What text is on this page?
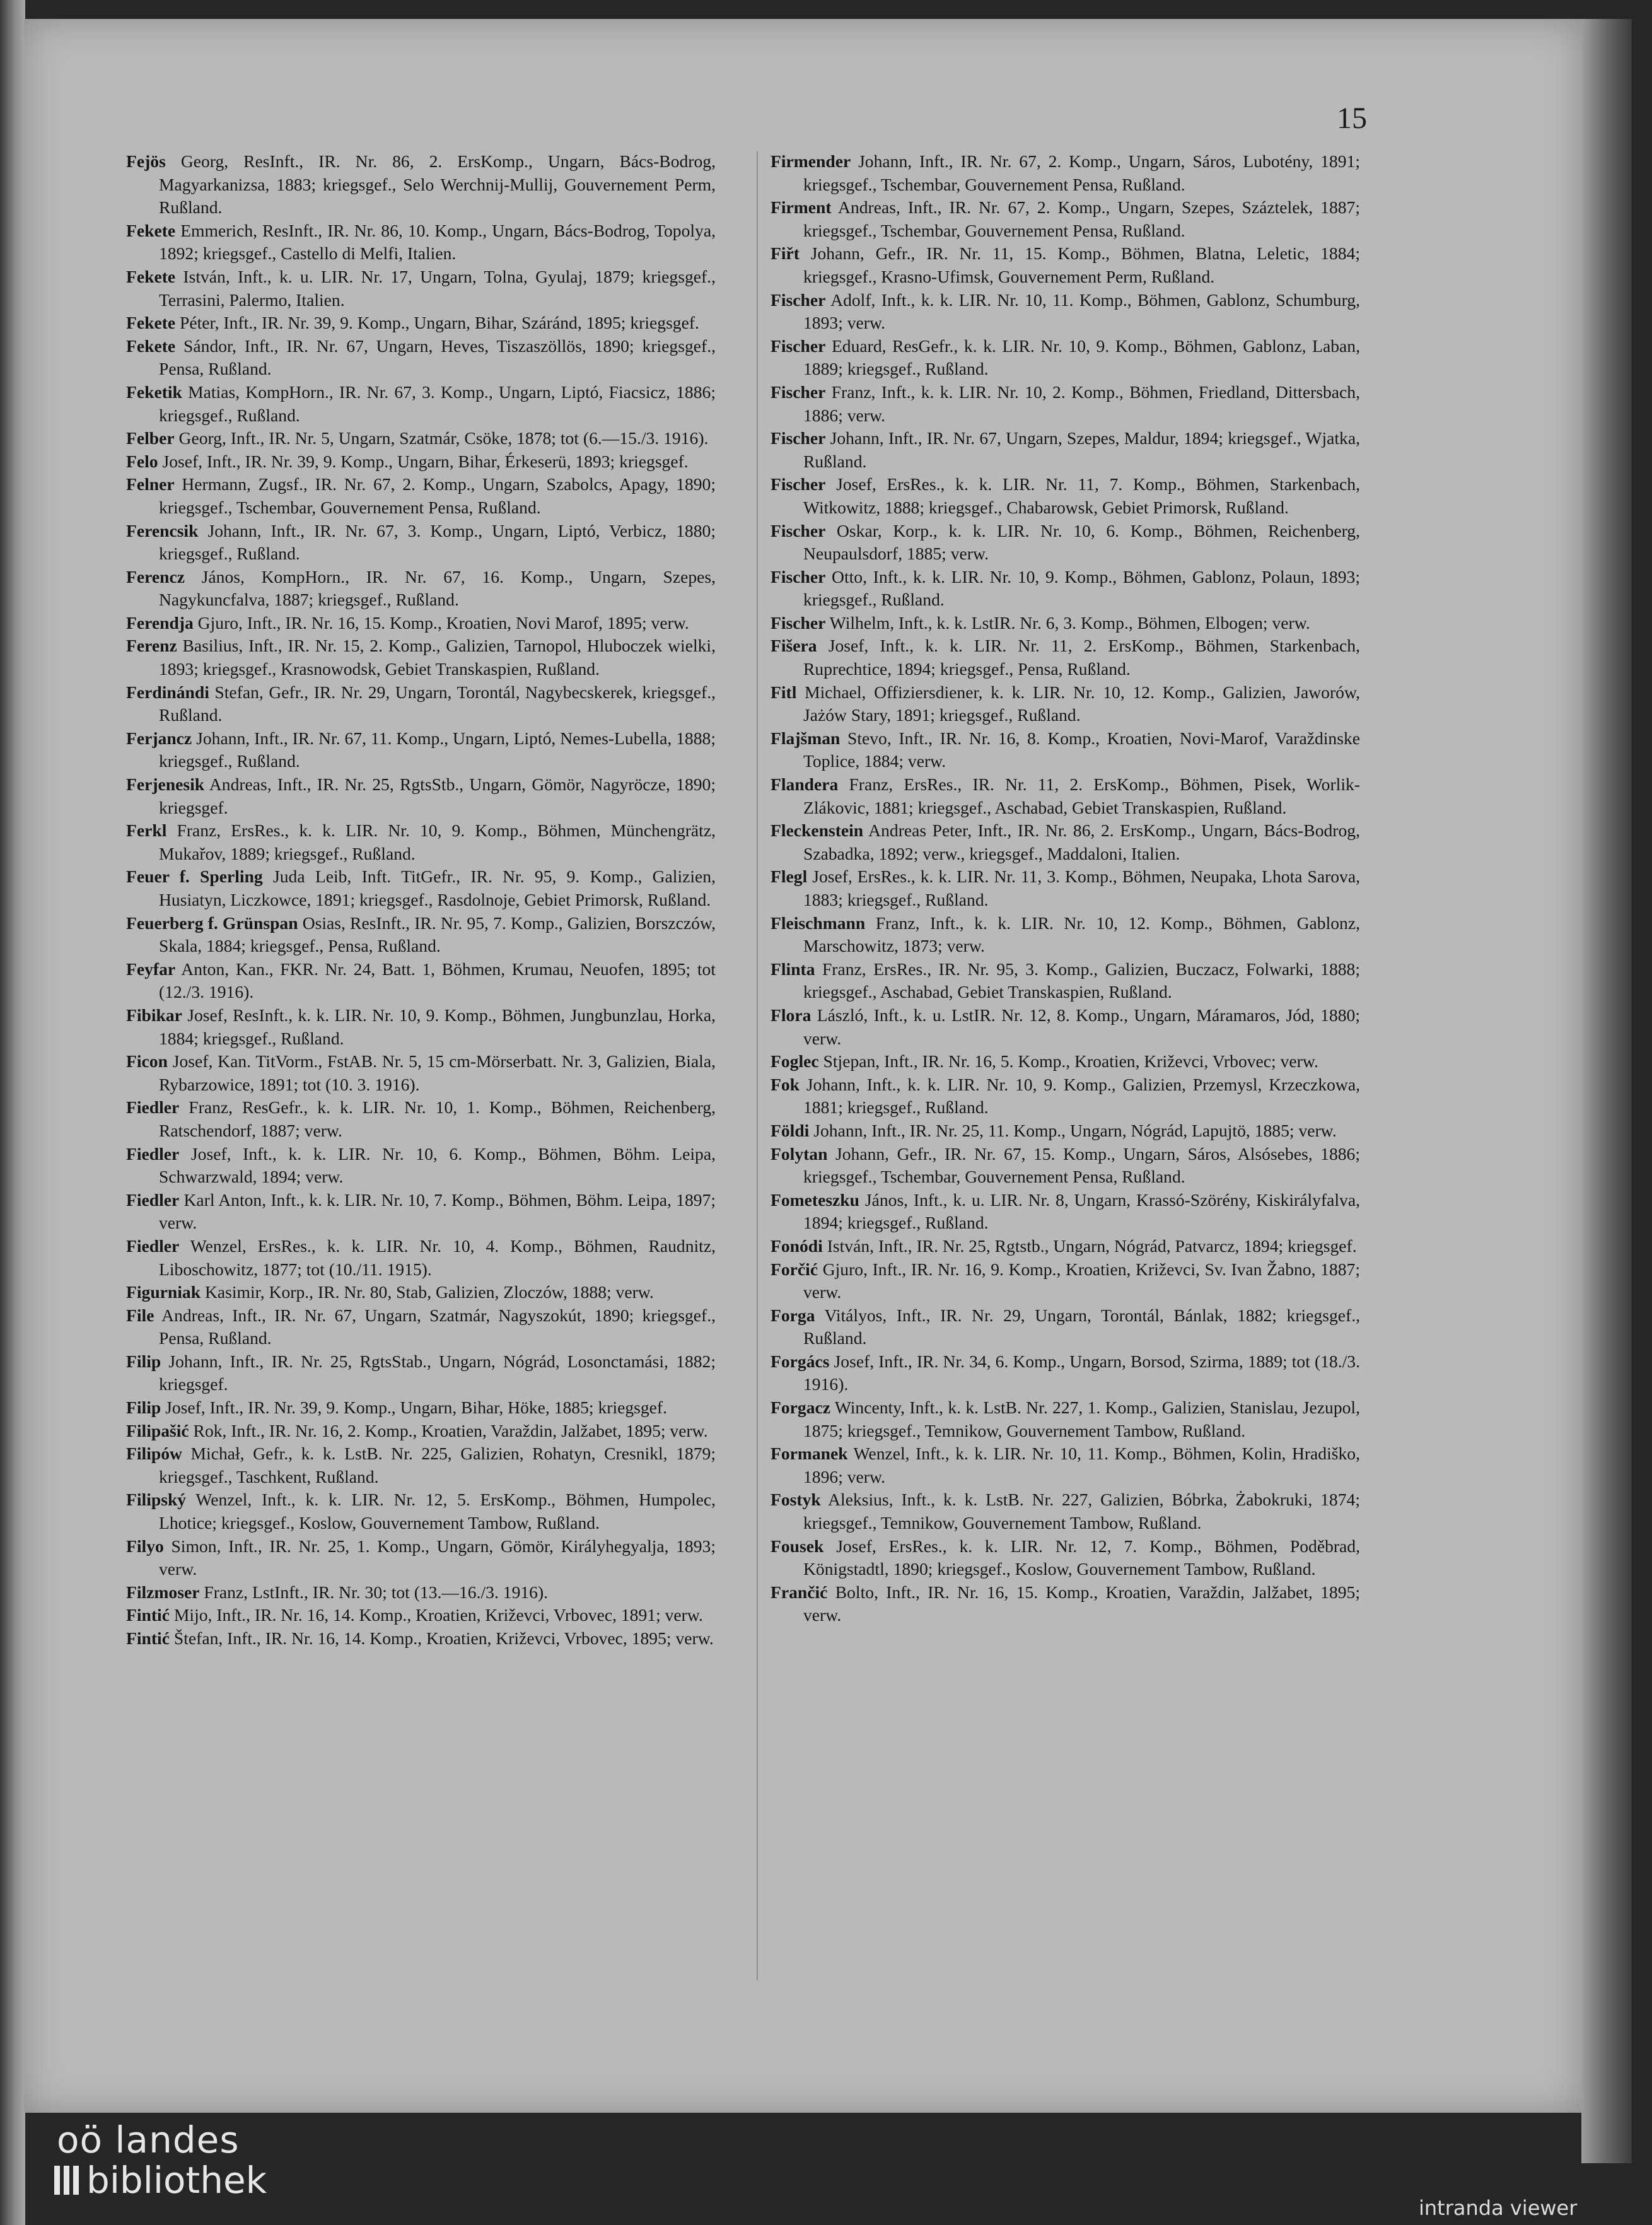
15

Fejös Georg, ResInft., IR. Nr. 86, 2. ErsKomp., Ungarn, Bács-Bodrog, Magyarkanizsa, 1883; kriegsgef., Selo Werchnij-Mullij, Gouvernement Perm, Rußland.

Fekete Emmerich, ResInft., IR. Nr. 86, 10. Komp., Ungarn, Bács-Bodrog, Topolya, 1892; kriegsgef., Castello di Melfi, Italien.

Fekete István, Inft., k. u. LIR. Nr. 17, Ungarn, Tolna, Gyulaj, 1879; kriegsgef., Terrasini, Palermo, Italien.

Fekete Péter, Inft., IR. Nr. 39, 9. Komp., Ungarn, Bihar, Száránd, 1895; kriegsgef.

Fekete Sándor, Inft., IR. Nr. 67, Ungarn, Heves, Tiszaszöllös, 1890; kriegsgef., Pensa, Rußland.

Feketik Matias, KompHorn., IR. Nr. 67, 3. Komp., Ungarn, Liptó, Fiacsicz, 1886; kriegsgef., Rußland.

Felber Georg, Inft., IR. Nr. 5, Ungarn, Szatmár, Csöke, 1878; tot (6.—15./3. 1916).

Felo Josef, Inft., IR. Nr. 39, 9. Komp., Ungarn, Bihar, Érkeserü, 1893; kriegsgef.

Felner Hermann, Zugsf., IR. Nr. 67, 2. Komp., Ungarn, Szabolcs, Apagy, 1890; kriegsgef., Tschembar, Gouvernement Pensa, Rußland.

Ferencsik Johann, Inft., IR. Nr. 67, 3. Komp., Ungarn, Liptó, Verbicz, 1880; kriegsgef., Rußland.

Ferencz János, KompHorn., IR. Nr. 67, 16. Komp., Ungarn, Szepes, Nagykuncfalva, 1887; kriegsgef., Rußland.

Ferendja Gjuro, Inft., IR. Nr. 16, 15. Komp., Kroatien, Novi Marof, 1895; verw.

Ferenz Basilius, Inft., IR. Nr. 15, 2. Komp., Galizien, Tarnopol, Hluboczek wielki, 1893; kriegsgef., Krasnowodsk, Gebiet Transkaspien, Rußland.

Ferdinándi Stefan, Gefr., IR. Nr. 29, Ungarn, Torontál, Nagybecskerek, kriegsgef., Rußland.

Ferjancz Johann, Inft., IR. Nr. 67, 11. Komp., Ungarn, Liptó, Nemes-Lubella, 1888; kriegsgef., Rußland.

Ferjenesik Andreas, Inft., IR. Nr. 25, RgtsStb., Ungarn, Gömör, Nagyröcze, 1890; kriegsgef.

Ferkl Franz, ErsRes., k. k. LIR. Nr. 10, 9. Komp., Böhmen, Münchengrätz, Mukařov, 1889; kriegsgef., Rußland.

Feuer f. Sperling Juda Leib, Inft. TitGefr., IR. Nr. 95, 9. Komp., Galizien, Husiatyn, Liczkowce, 1891; kriegsgef., Rasdolnoje, Gebiet Primorsk, Rußland.

Feuerberg f. Grünspan Osias, ResInft., IR. Nr. 95, 7. Komp., Galizien, Borszczów, Skala, 1884; kriegsgef., Pensa, Rußland.

Feyfar Anton, Kan., FKR. Nr. 24, Batt. 1, Böhmen, Krumau, Neuofen, 1895; tot (12./3. 1916).

Fibikar Josef, ResInft., k. k. LIR. Nr. 10, 9. Komp., Böhmen, Jungbunzlau, Horka, 1884; kriegsgef., Rußland.

Ficon Josef, Kan. TitVorm., FstAB. Nr. 5, 15 cm-Mörserbatt. Nr. 3, Galizien, Biala, Rybarzowice, 1891; tot (10. 3. 1916).

Fiedler Franz, ResGefr., k. k. LIR. Nr. 10, 1. Komp., Böhmen, Reichenberg, Ratschendorf, 1887; verw.

Fiedler Josef, Inft., k. k. LIR. Nr. 10, 6. Komp., Böhmen, Böhm. Leipa, Schwarzwald, 1894; verw.

Fiedler Karl Anton, Inft., k. k. LIR. Nr. 10, 7. Komp., Böhmen, Böhm. Leipa, 1897; verw.

Fiedler Wenzel, ErsRes., k. k. LIR. Nr. 10, 4. Komp., Böhmen, Raudnitz, Liboschowitz, 1877; tot (10./11. 1915).

Figurniak Kasimir, Korp., IR. Nr. 80, Stab, Galizien, Zloczów, 1888; verw.

File Andreas, Inft., IR. Nr. 67, Ungarn, Szatmár, Nagyszokút, 1890; kriegsgef., Pensa, Rußland.

Filip Johann, Inft., IR. Nr. 25, RgtsStab., Ungarn, Nógrád, Losonctamási, 1882; kriegsgef.

Filip Josef, Inft., IR. Nr. 39, 9. Komp., Ungarn, Bihar, Höke, 1885; kriegsgef.

Filipašić Rok, Inft., IR. Nr. 16, 2. Komp., Kroatien, Varaždin, Jalžabet, 1895; verw.

Filipów Michał, Gefr., k. k. LstB. Nr. 225, Galizien, Rohatyn, Cresnikl, 1879; kriegsgef., Taschkent, Rußland.

Filipský Wenzel, Inft., k. k. LIR. Nr. 12, 5. ErsKomp., Böhmen, Humpolec, Lhotice; kriegsgef., Koslow, Gouvernement Tambow, Rußland.

Filyo Simon, Inft., IR. Nr. 25, 1. Komp., Ungarn, Gömör, Királyhegyalja, 1893; verw.

Filzmoser Franz, LstInft., IR. Nr. 30; tot (13.—16./3. 1916).

Fintić Mijo, Inft., IR. Nr. 16, 14. Komp., Kroatien, Križevci, Vrbovec, 1891; verw.

Fintić Štefan, Inft., IR. Nr. 16, 14. Komp., Kroatien, Križevci, Vrbovec, 1895; verw.

Firmender Johann, Inft., IR. Nr. 67, 2. Komp., Ungarn, Sáros, Lubotény, 1891; kriegsgef., Tschembar, Gouvernement Pensa, Rußland.

Firment Andreas, Inft., IR. Nr. 67, 2. Komp., Ungarn, Szepes, Száztelek, 1887; kriegsgef., Tschembar, Gouvernement Pensa, Rußland.

Fiřt Johann, Gefr., IR. Nr. 11, 15. Komp., Böhmen, Blatna, Leletic, 1884; kriegsgef., Krasno-Ufimsk, Gouvernement Perm, Rußland.

Fischer Adolf, Inft., k. k. LIR. Nr. 10, 11. Komp., Böhmen, Gablonz, Schumburg, 1893; verw.

Fischer Eduard, ResGefr., k. k. LIR. Nr. 10, 9. Komp., Böhmen, Gablonz, Laban, 1889; kriegsgef., Rußland.

Fischer Franz, Inft., k. k. LIR. Nr. 10, 2. Komp., Böhmen, Friedland, Dittersbach, 1886; verw.

Fischer Johann, Inft., IR. Nr. 67, Ungarn, Szepes, Maldur, 1894; kriegsgef., Wjatka, Rußland.

Fischer Josef, ErsRes., k. k. LIR. Nr. 11, 7. Komp., Böhmen, Starkenbach, Witkowitz, 1888; kriegsgef., Chabarowsk, Gebiet Primorsk, Rußland.

Fischer Oskar, Korp., k. k. LIR. Nr. 10, 6. Komp., Böhmen, Reichenberg, Neupaulsdorf, 1885; verw.

Fischer Otto, Inft., k. k. LIR. Nr. 10, 9. Komp., Böhmen, Gablonz, Polaun, 1893; kriegsgef., Rußland.

Fischer Wilhelm, Inft., k. k. LstIR. Nr. 6, 3. Komp., Böhmen, Elbogen; verw.

Fišera Josef, Inft., k. k. LIR. Nr. 11, 2. ErsKomp., Böhmen, Starkenbach, Ruprechtice, 1894; kriegsgef., Pensa, Rußland.

Fitl Michael, Offiziersdiener, k. k. LIR. Nr. 10, 12. Komp., Galizien, Jaworów, Jażów Stary, 1891; kriegsgef., Rußland.

Flajšman Stevo, Inft., IR. Nr. 16, 8. Komp., Kroatien, Novi-Marof, Varaždinske Toplice, 1884; verw.

Flandera Franz, ErsRes., IR. Nr. 11, 2. ErsKomp., Böhmen, Pisek, Worlik-Zlákovic, 1881; kriegsgef., Aschabad, Gebiet Transkaspien, Rußland.

Fleckenstein Andreas Peter, Inft., IR. Nr. 86, 2. ErsKomp., Ungarn, Bács-Bodrog, Szabadka, 1892; verw., kriegsgef., Maddaloni, Italien.

Flegl Josef, ErsRes., k. k. LIR. Nr. 11, 3. Komp., Böhmen, Neupaka, Lhota Sarova, 1883; kriegsgef., Rußland.

Fleischmann Franz, Inft., k. k. LIR. Nr. 10, 12. Komp., Böhmen, Gablonz, Marschowitz, 1873; verw.

Flinta Franz, ErsRes., IR. Nr. 95, 3. Komp., Galizien, Buczacz, Folwarki, 1888; kriegsgef., Aschabad, Gebiet Transkaspien, Rußland.

Flora László, Inft., k. u. LstIR. Nr. 12, 8. Komp., Ungarn, Máramaros, Jód, 1880; verw.

Foglec Stjepan, Inft., IR. Nr. 16, 5. Komp., Kroatien, Križevci, Vrbovec; verw.

Fok Johann, Inft., k. k. LIR. Nr. 10, 9. Komp., Galizien, Przemysl, Krzeczkowa, 1881; kriegsgef., Rußland.

Földi Johann, Inft., IR. Nr. 25, 11. Komp., Ungarn, Nógrád, Lapujtö, 1885; verw.

Folytan Johann, Gefr., IR. Nr. 67, 15. Komp., Ungarn, Sáros, Alsósebes, 1886; kriegsgef., Tschembar, Gouvernement Pensa, Rußland.

Fometeszku János, Inft., k. u. LIR. Nr. 8, Ungarn, Krassó-Szörény, Kiskirályfalva, 1894; kriegsgef., Rußland.

Fonódi István, Inft., IR. Nr. 25, Rgtstb., Ungarn, Nógrád, Patvarcz, 1894; kriegsgef.

Forčić Gjuro, Inft., IR. Nr. 16, 9. Komp., Kroatien, Križevci, Sv. Ivan Žabno, 1887; verw.

Forga Vitályos, Inft., IR. Nr. 29, Ungarn, Torontál, Bánlak, 1882; kriegsgef., Rußland.

Forgács Josef, Inft., IR. Nr. 34, 6. Komp., Ungarn, Borsod, Szirma, 1889; tot (18./3. 1916).

Forgacz Wincenty, Inft., k. k. LstB. Nr. 227, 1. Komp., Galizien, Stanislau, Jezupol, 1875; kriegsgef., Temnikow, Gouvernement Tambow, Rußland.

Formanek Wenzel, Inft., k. k. LIR. Nr. 10, 11. Komp., Böhmen, Kolin, Hradiško, 1896; verw.

Fostyk Aleksius, Inft., k. k. LstB. Nr. 227, Galizien, Bóbrka, Żabokruki, 1874; kriegsgef., Temnikow, Gouvernement Tambow, Rußland.

Fousek Josef, ErsRes., k. k. LIR. Nr. 12, 7. Komp., Böhmen, Poděbrad, Königstadtl, 1890; kriegsgef., Koslow, Gouvernement Tambow, Rußland.

Frančić Bolto, Inft., IR. Nr. 16, 15. Komp., Kroatien, Varaždin, Jalžabet, 1895; verw.

oö landes
bibliothek
intranda viewer
